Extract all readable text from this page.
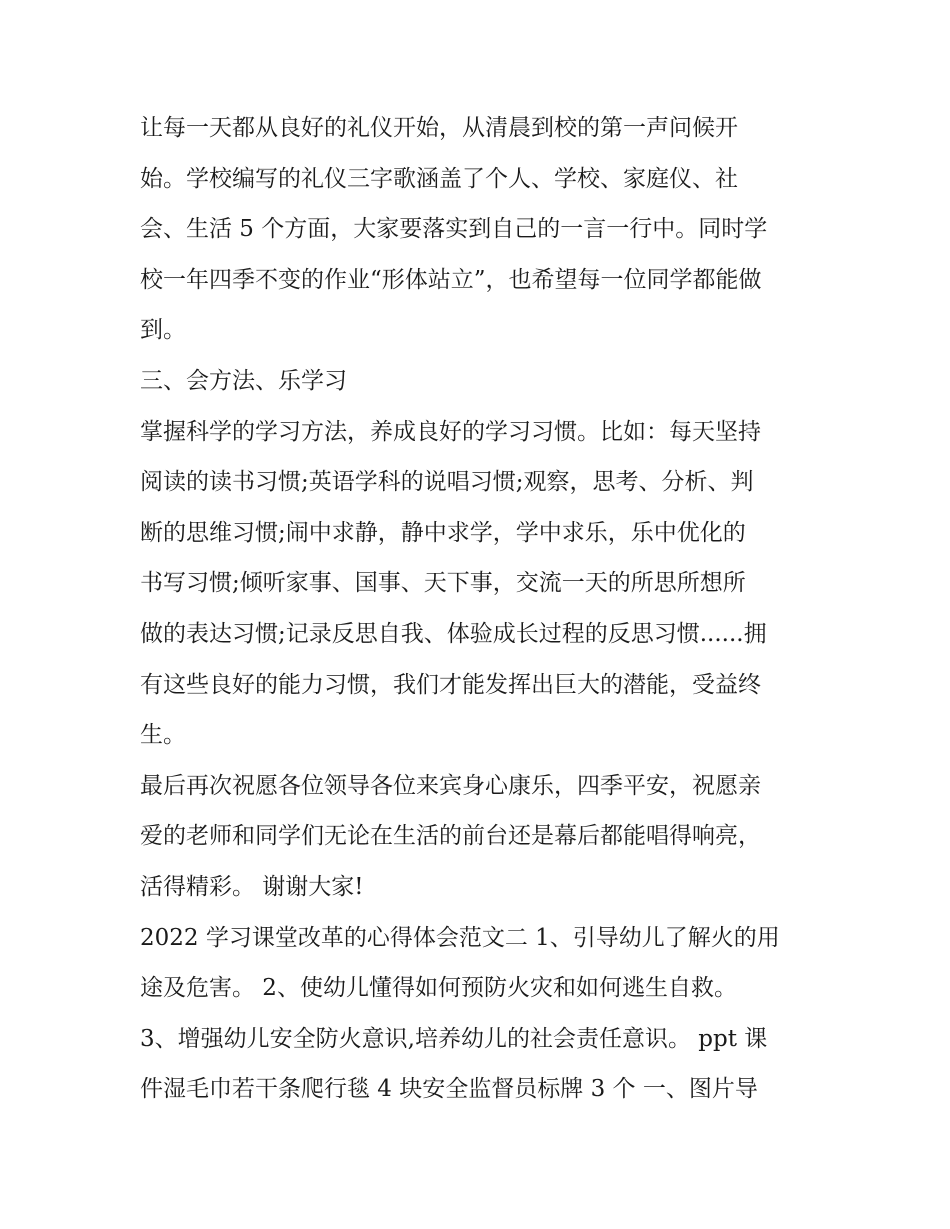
让每一天都从良好的礼仪开始，从清晨到校的第一声问候开
始。学校编写的礼仪三字歌涵盖了个人、学校、家庭仪、社
会、生活 5 个方面，大家要落实到自己的一言一行中。同时学
校一年四季不变的作业“形体站立”，也希望每一位同学都能做
到。
三、会方法、乐学习
掌握科学的学习方法，养成良好的学习习惯。比如：每天坚持
阅读的读书习惯;英语学科的说唱习惯;观察，思考、分析、判
断的思维习惯;闹中求静，静中求学，学中求乐，乐中优化的
书写习惯;倾听家事、国事、天下事，交流一天的所思所想所
做的表达习惯;记录反思自我、体验成长过程的反思习惯......拥
有这些良好的能力习惯，我们才能发挥出巨大的潜能，受益终
生。
最后再次祝愿各位领导各位来宾身心康乐，四季平安，祝愿亲
爱的老师和同学们无论在生活的前台还是幕后都能唱得响亮，
活得精彩。 谢谢大家!
2022 学习课堂改革的心得体会范文二 1、引导幼儿了解火的用
途及危害。 2、使幼儿懂得如何预防火灾和如何逃生自救。
3、增强幼儿安全防火意识,培养幼儿的社会责任意识。 ppt 课
件湿毛巾若干条爬行毯 4 块安全监督员标牌 3 个 一、图片导
